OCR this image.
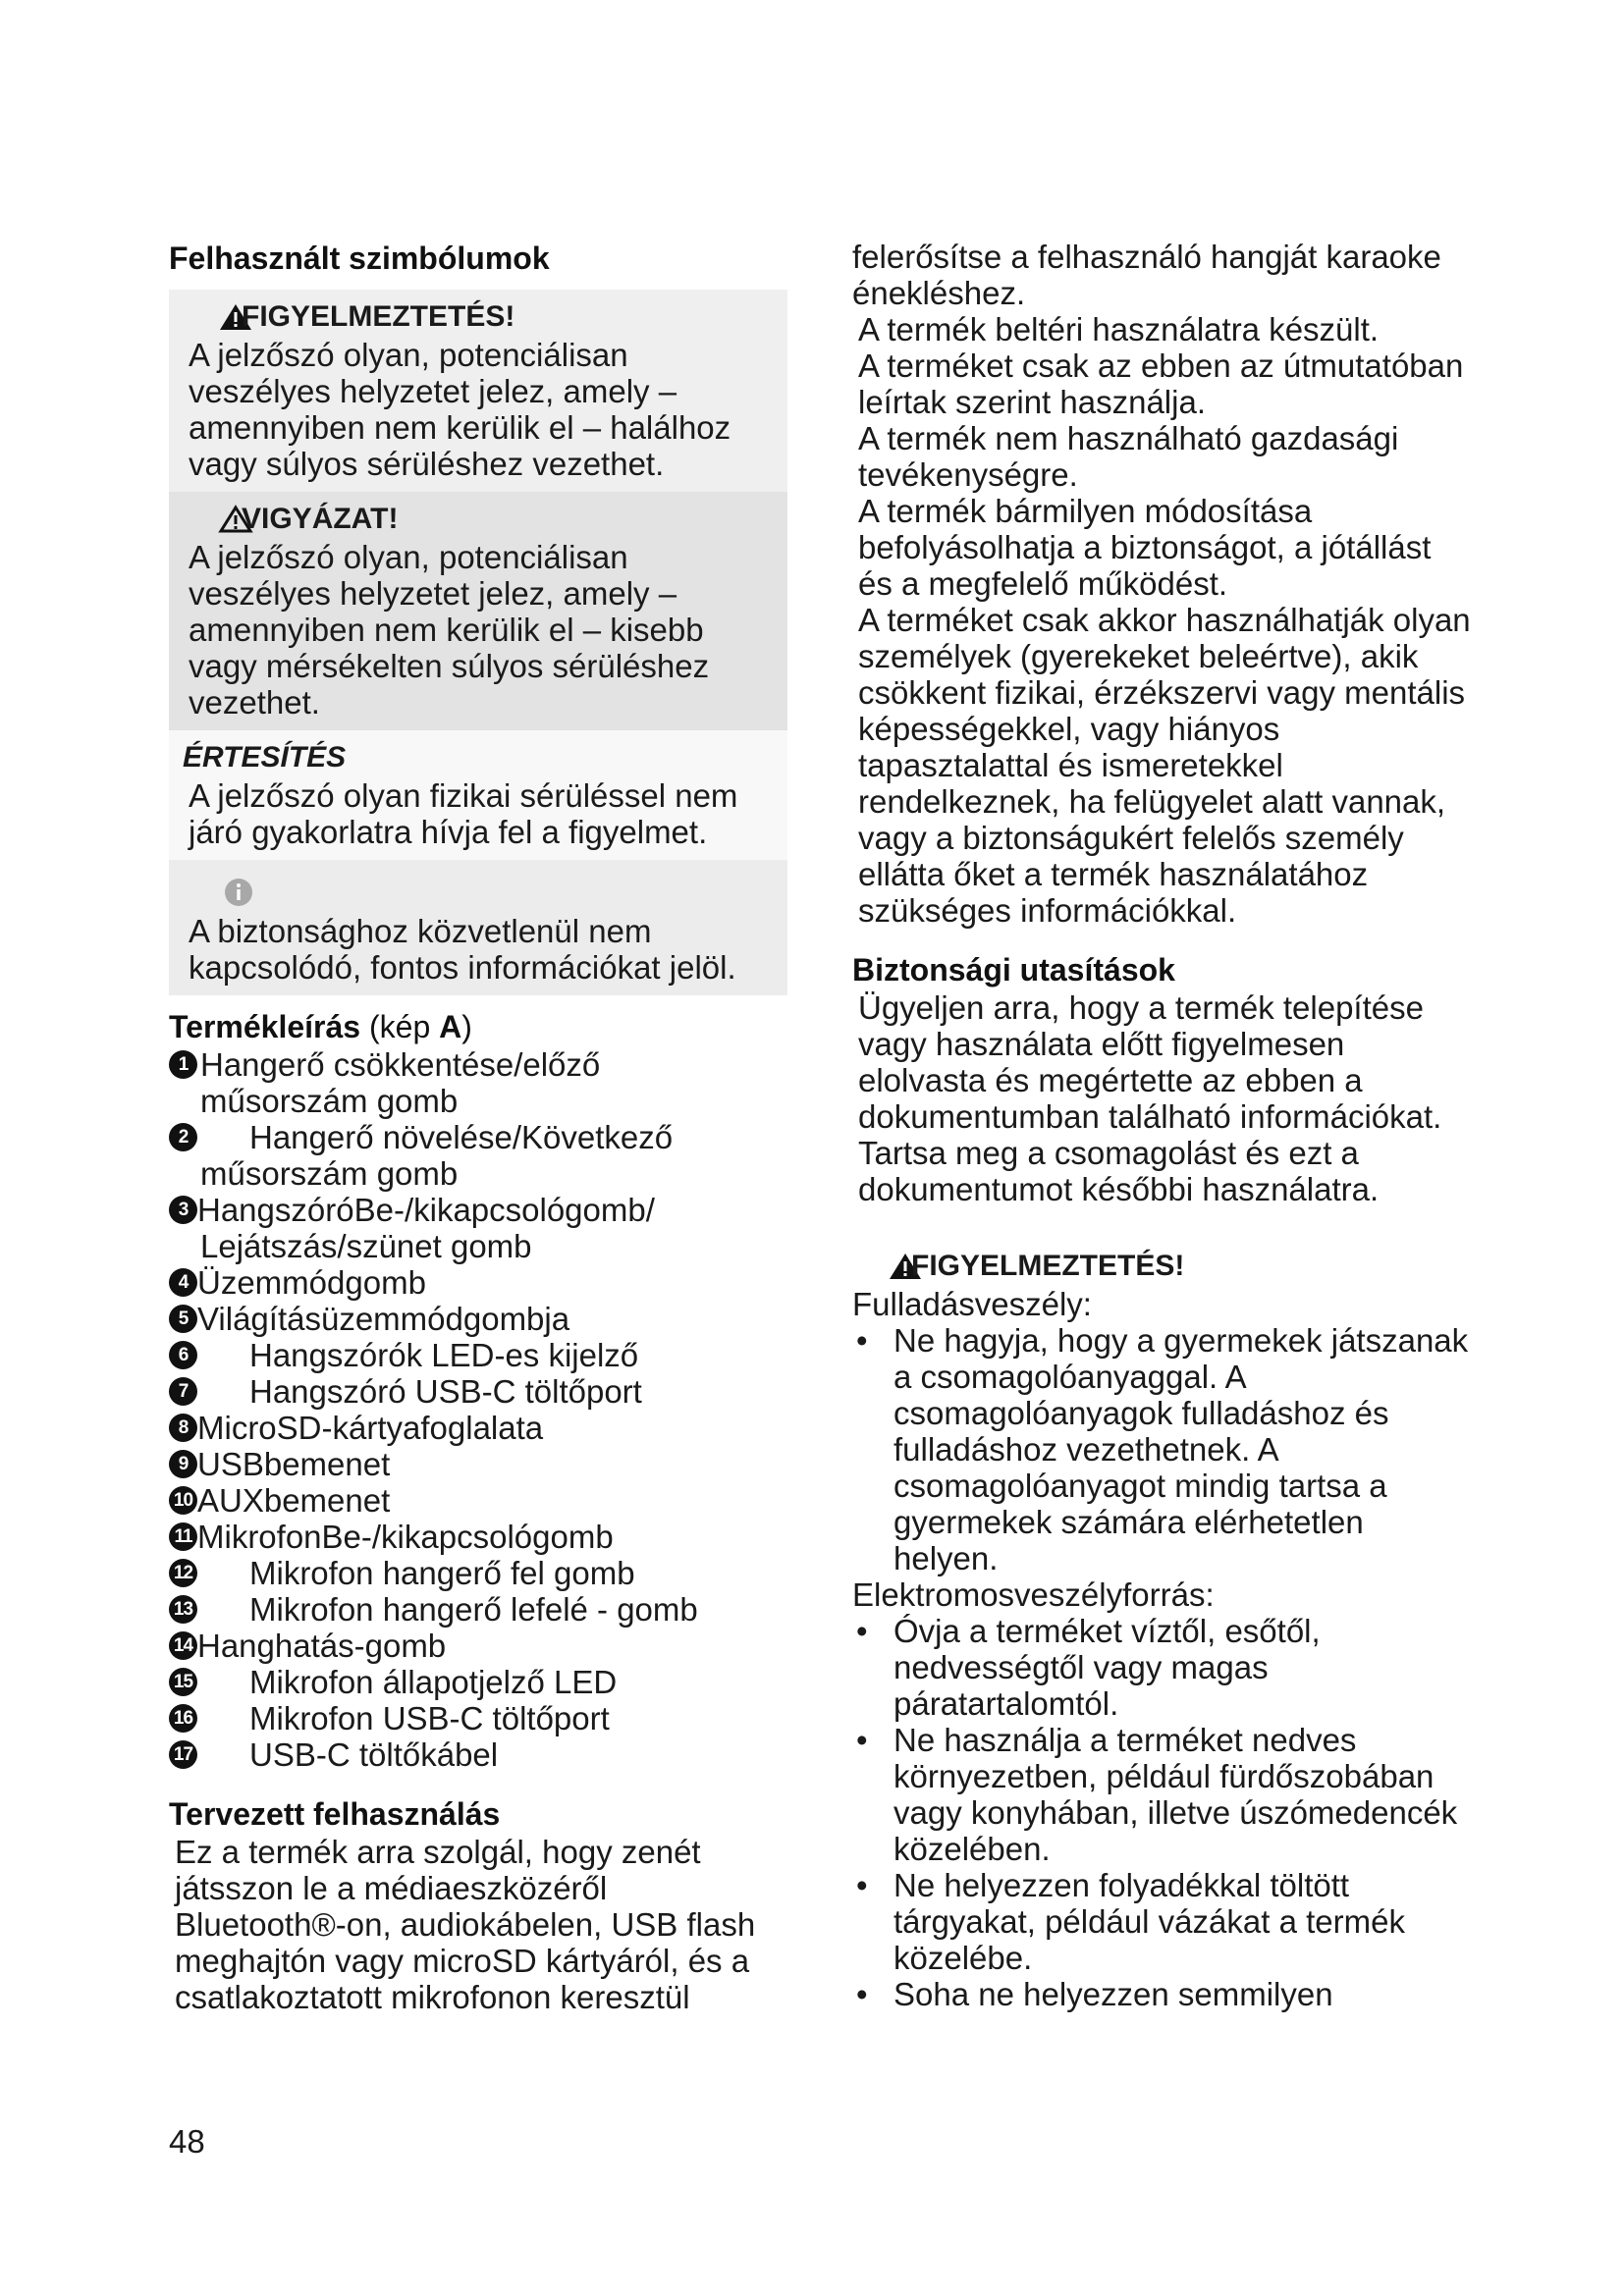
Felhasznált szimbólumok
FIGYELMEZTETÉS!

A jelzőszó olyan, potenciálisan veszélyes helyzetet jelez, amely – amennyiben nem kerülik el – halálhoz vagy súlyos sérüléshez vezethet.

VIGYÁZAT!

A jelzőszó olyan, potenciálisan veszélyes helyzetet jelez, amely – amennyiben nem kerülik el – kisebb vagy mérsékelten súlyos sérüléshez vezethet.

ÉRTESÍTÉS

A jelzőszó olyan fizikai sérüléssel nem járó gyakorlatra hívja fel a figyelmet.

A biztonsághoz közvetlenül nem kapcsolódó, fontos információkat jelöl.

Termékleírás (kép A)
1 Hangerő csökkentése/előző
műsorszám gomb
2	Hangerő növelése/Következő
műsorszám gomb
3 HangszóróBe-/kikapcsológomb/
Lejátszás/szünet gomb
4 Üzemmódgomb
5 Világításüzemmódgombja
6	Hangszórók LED-es kijelző
7	Hangszóró USB-C töltőport
8 MicroSD-kártyafoglalata
9 USBbemenet
10 AUXbemenet
11 MikrofonBe-/kikapcsológomb
12	Mikrofon hangerő fel gomb
13	Mikrofon hangerő lefelé - gomb
14 Hanghatás-gomb
15	Mikrofon állapotjelző LED
16	Mikrofon USB-C töltőport
17	USB-C töltőkábel
Tervezett felhasználás

Ez a termék arra szolgál, hogy zenét játsszon le a médiaeszközéről Bluetooth®-on, audiokábelen, USB flash meghajtón vagy microSD kártyáról, és a csatlakoztatott mikrofonon keresztül

felerősítse a felhasználó hangját karaoke énekléshez.

A termék beltéri használatra készült.

A terméket csak az ebben az útmutatóban leírtak szerint használja.

A termék nem használható gazdasági tevékenységre.

A termék bármilyen módosítása befolyásolhatja a biztonságot, a jótállást és a megfelelő működést.

A terméket csak akkor használhatják olyan személyek (gyerekeket beleértve), akik csökkent fizikai, érzékszervi vagy mentális képességekkel, vagy hiányos tapasztalattal és ismeretekkel rendelkeznek, ha felügyelet alatt vannak, vagy a biztonságukért felelős személy ellátta őket a termék használatához szükséges információkkal.

Biztonsági utasítások

Ügyeljen arra, hogy a termék telepítése vagy használata előtt figyelmesen elolvasta és megértette az ebben a dokumentumban található információkat. Tartsa meg a csomagolást és ezt a dokumentumot későbbi használatra.

FIGYELMEZTETÉS!

Fulladásveszély:

• Ne hagyja, hogy a gyermekek játszanak a csomagolóanyaggal. A csomagolóanyagok fulladáshoz és fulladáshoz vezethetnek. A csomagolóanyagot mindig tartsa a gyermekek számára elérhetetlen helyen.

Elektromosveszélyforrás:

• Óvja a terméket víztől, esőtől, nedvességtől vagy magas páratartalomtól.
• Ne használja a terméket nedves környezetben, például fürdőszobában vagy konyhában, illetve úszómedencék közelében.
• Ne helyezzen folyadékkal töltött tárgyakat, például vázákat a termék közelébe.
• Soha ne helyezzen semmilyen
48
